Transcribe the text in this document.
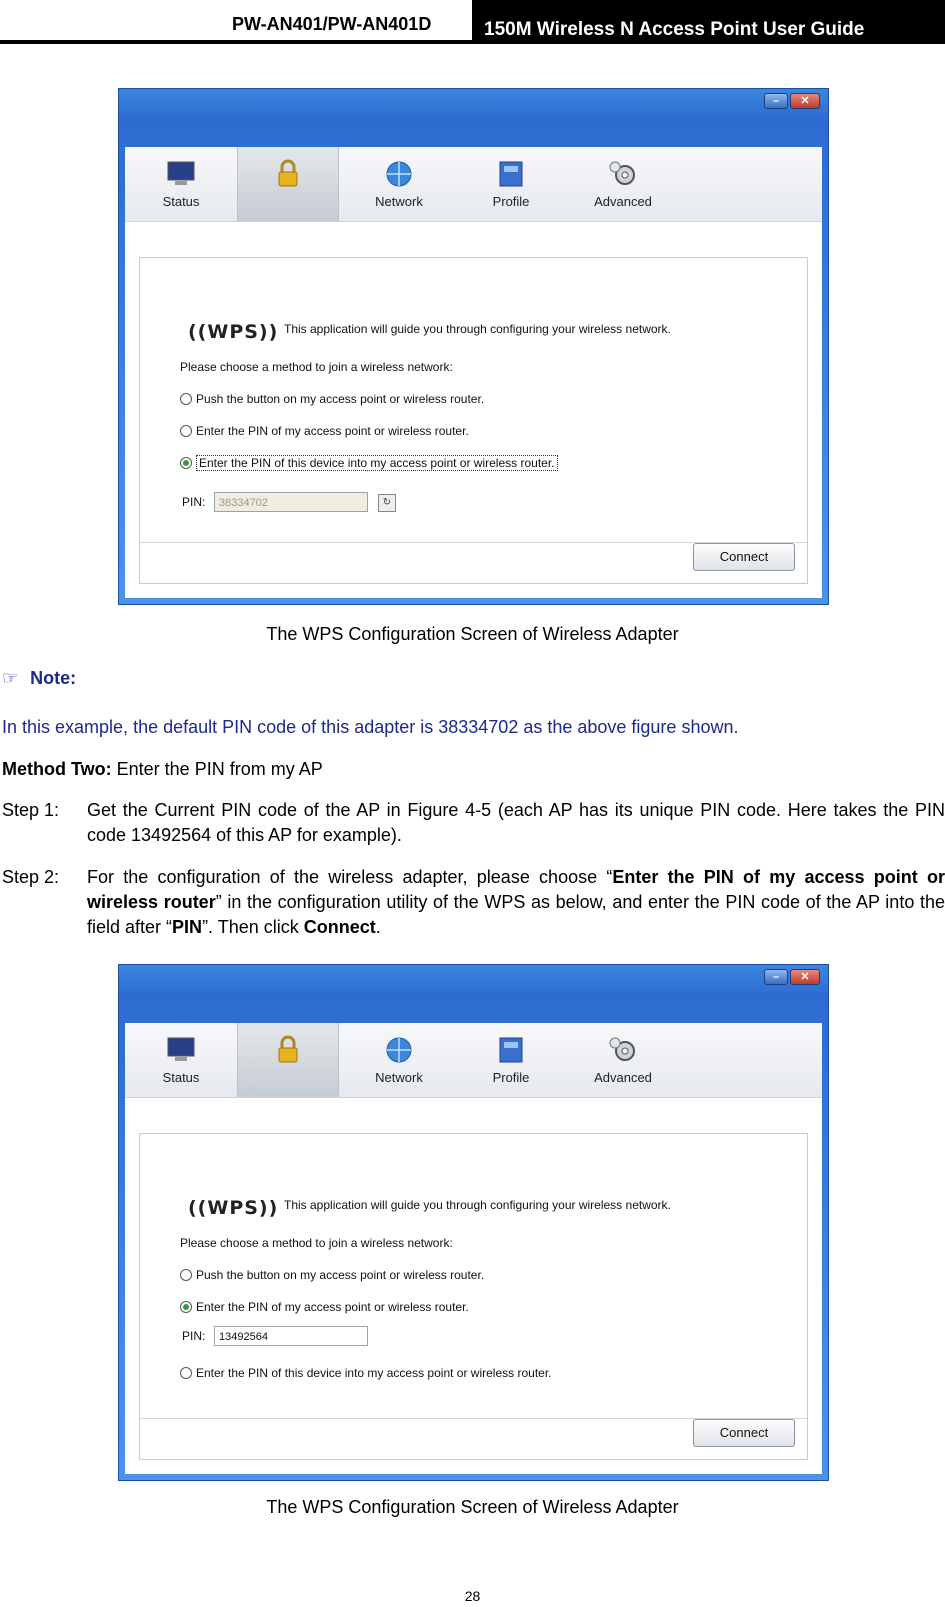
PW-AN401/PW-AN401D	150M Wireless N Access Point User Guide
–	✕
Status	Network	Profile	Advanced
((WPS)) This application will guide you through configuring your wireless network.
Please choose a method to join a wireless network:
Push the button on my access point or wireless router.
Enter the PIN of my access point or wireless router.
Enter the PIN of this device into my access point or wireless router.
PIN:	38334702	↻
Connect
The WPS Configuration Screen of Wireless Adapter
☞ Note:
In this example, the default PIN code of this adapter is 38334702 as the above figure shown.
Method Two: Enter the PIN from my AP
Step 1: Get the Current PIN code of the AP in Figure 4-5 (each AP has its unique PIN code. Here takes the PIN code 13492564 of this AP for example).
Step 2: For the configuration of the wireless adapter, please choose “Enter the PIN of my access point or wireless router” in the configuration utility of the WPS as below, and enter the PIN code of the AP into the field after “PIN”. Then click Connect.
–	✕
Status	Network	Profile	Advanced
((WPS)) This application will guide you through configuring your wireless network.
Please choose a method to join a wireless network:
Push the button on my access point or wireless router.
Enter the PIN of my access point or wireless router.
PIN:	13492564
Enter the PIN of this device into my access point or wireless router.
Connect
The WPS Configuration Screen of Wireless Adapter
28
